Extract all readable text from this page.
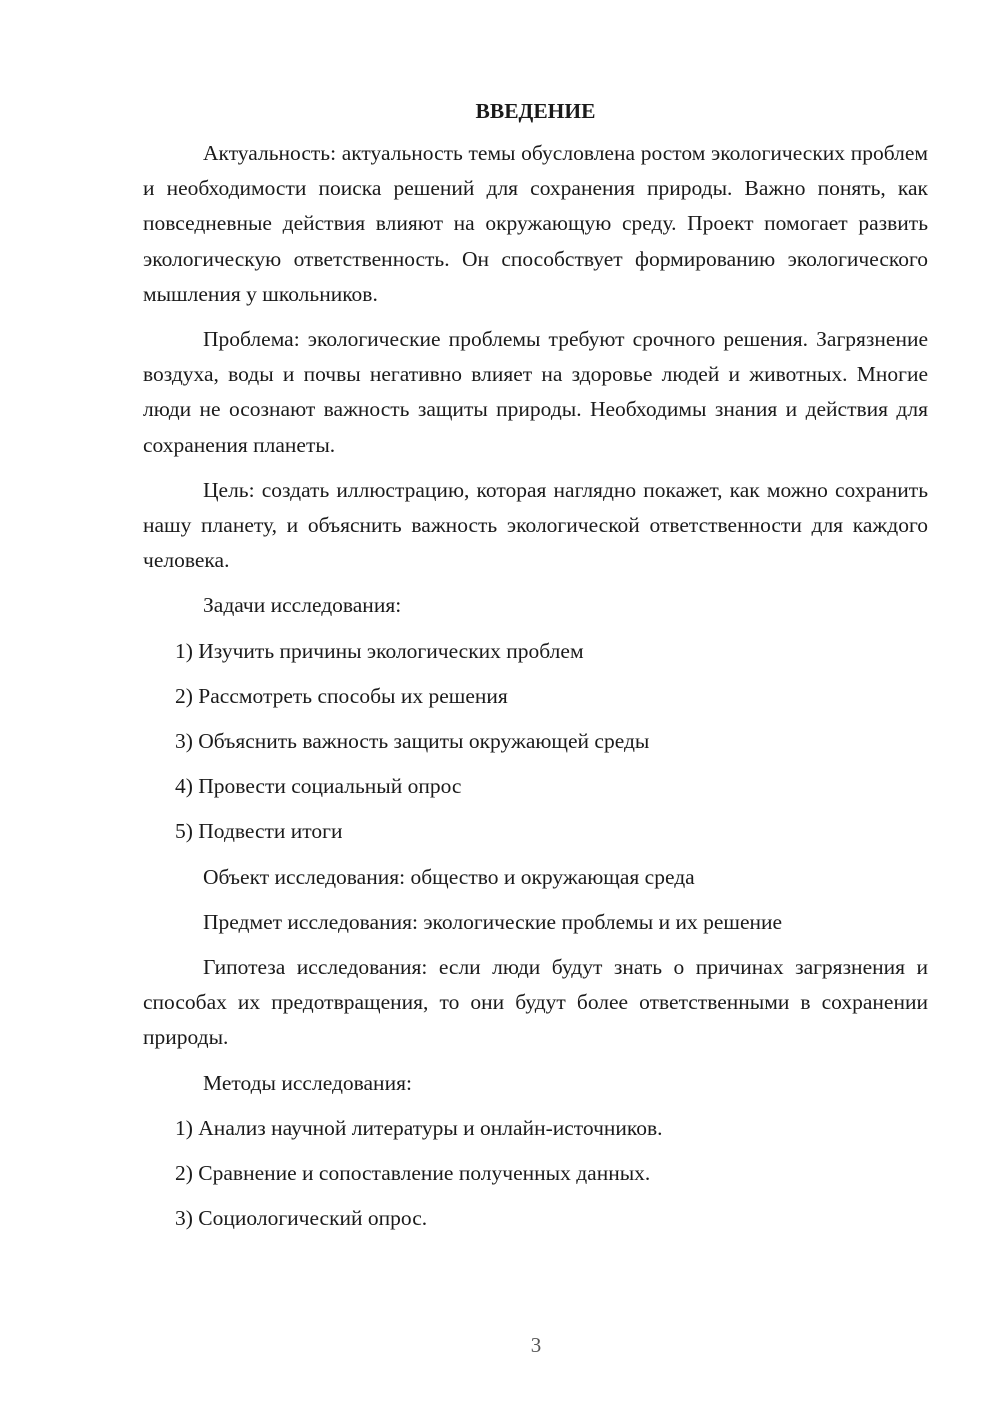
ВВЕДЕНИЕ

Актуальность: актуальность темы обусловлена ростом экологических проблем и необходимости поиска решений для сохранения природы. Важно понять, как повседневные действия влияют на окружающую среду. Проект помогает развить экологическую ответственность. Он способствует формированию экологического мышления у школьников.

Проблема: экологические проблемы требуют срочного решения. Загрязнение воздуха, воды и почвы негативно влияет на здоровье людей и животных. Многие люди не осознают важность защиты природы. Необходимы знания и действия для сохранения планеты.

Цель: создать иллюстрацию, которая наглядно покажет, как можно сохранить нашу планету, и объяснить важность экологической ответственности для каждого человека.

Задачи исследования:
1) Изучить причины экологических проблем
2) Рассмотреть способы их решения
3) Объяснить важность защиты окружающей среды
4) Провести социальный опрос
5) Подвести итоги
Объект исследования: общество и окружающая среда
Предмет исследования: экологические проблемы и их решение

Гипотеза исследования: если люди будут знать о причинах загрязнения и способах их предотвращения, то они будут более ответственными в сохранении природы.

Методы исследования:
1) Анализ научной литературы и онлайн-источников.
2) Сравнение и сопоставление полученных данных.
3) Социологический опрос.
3
